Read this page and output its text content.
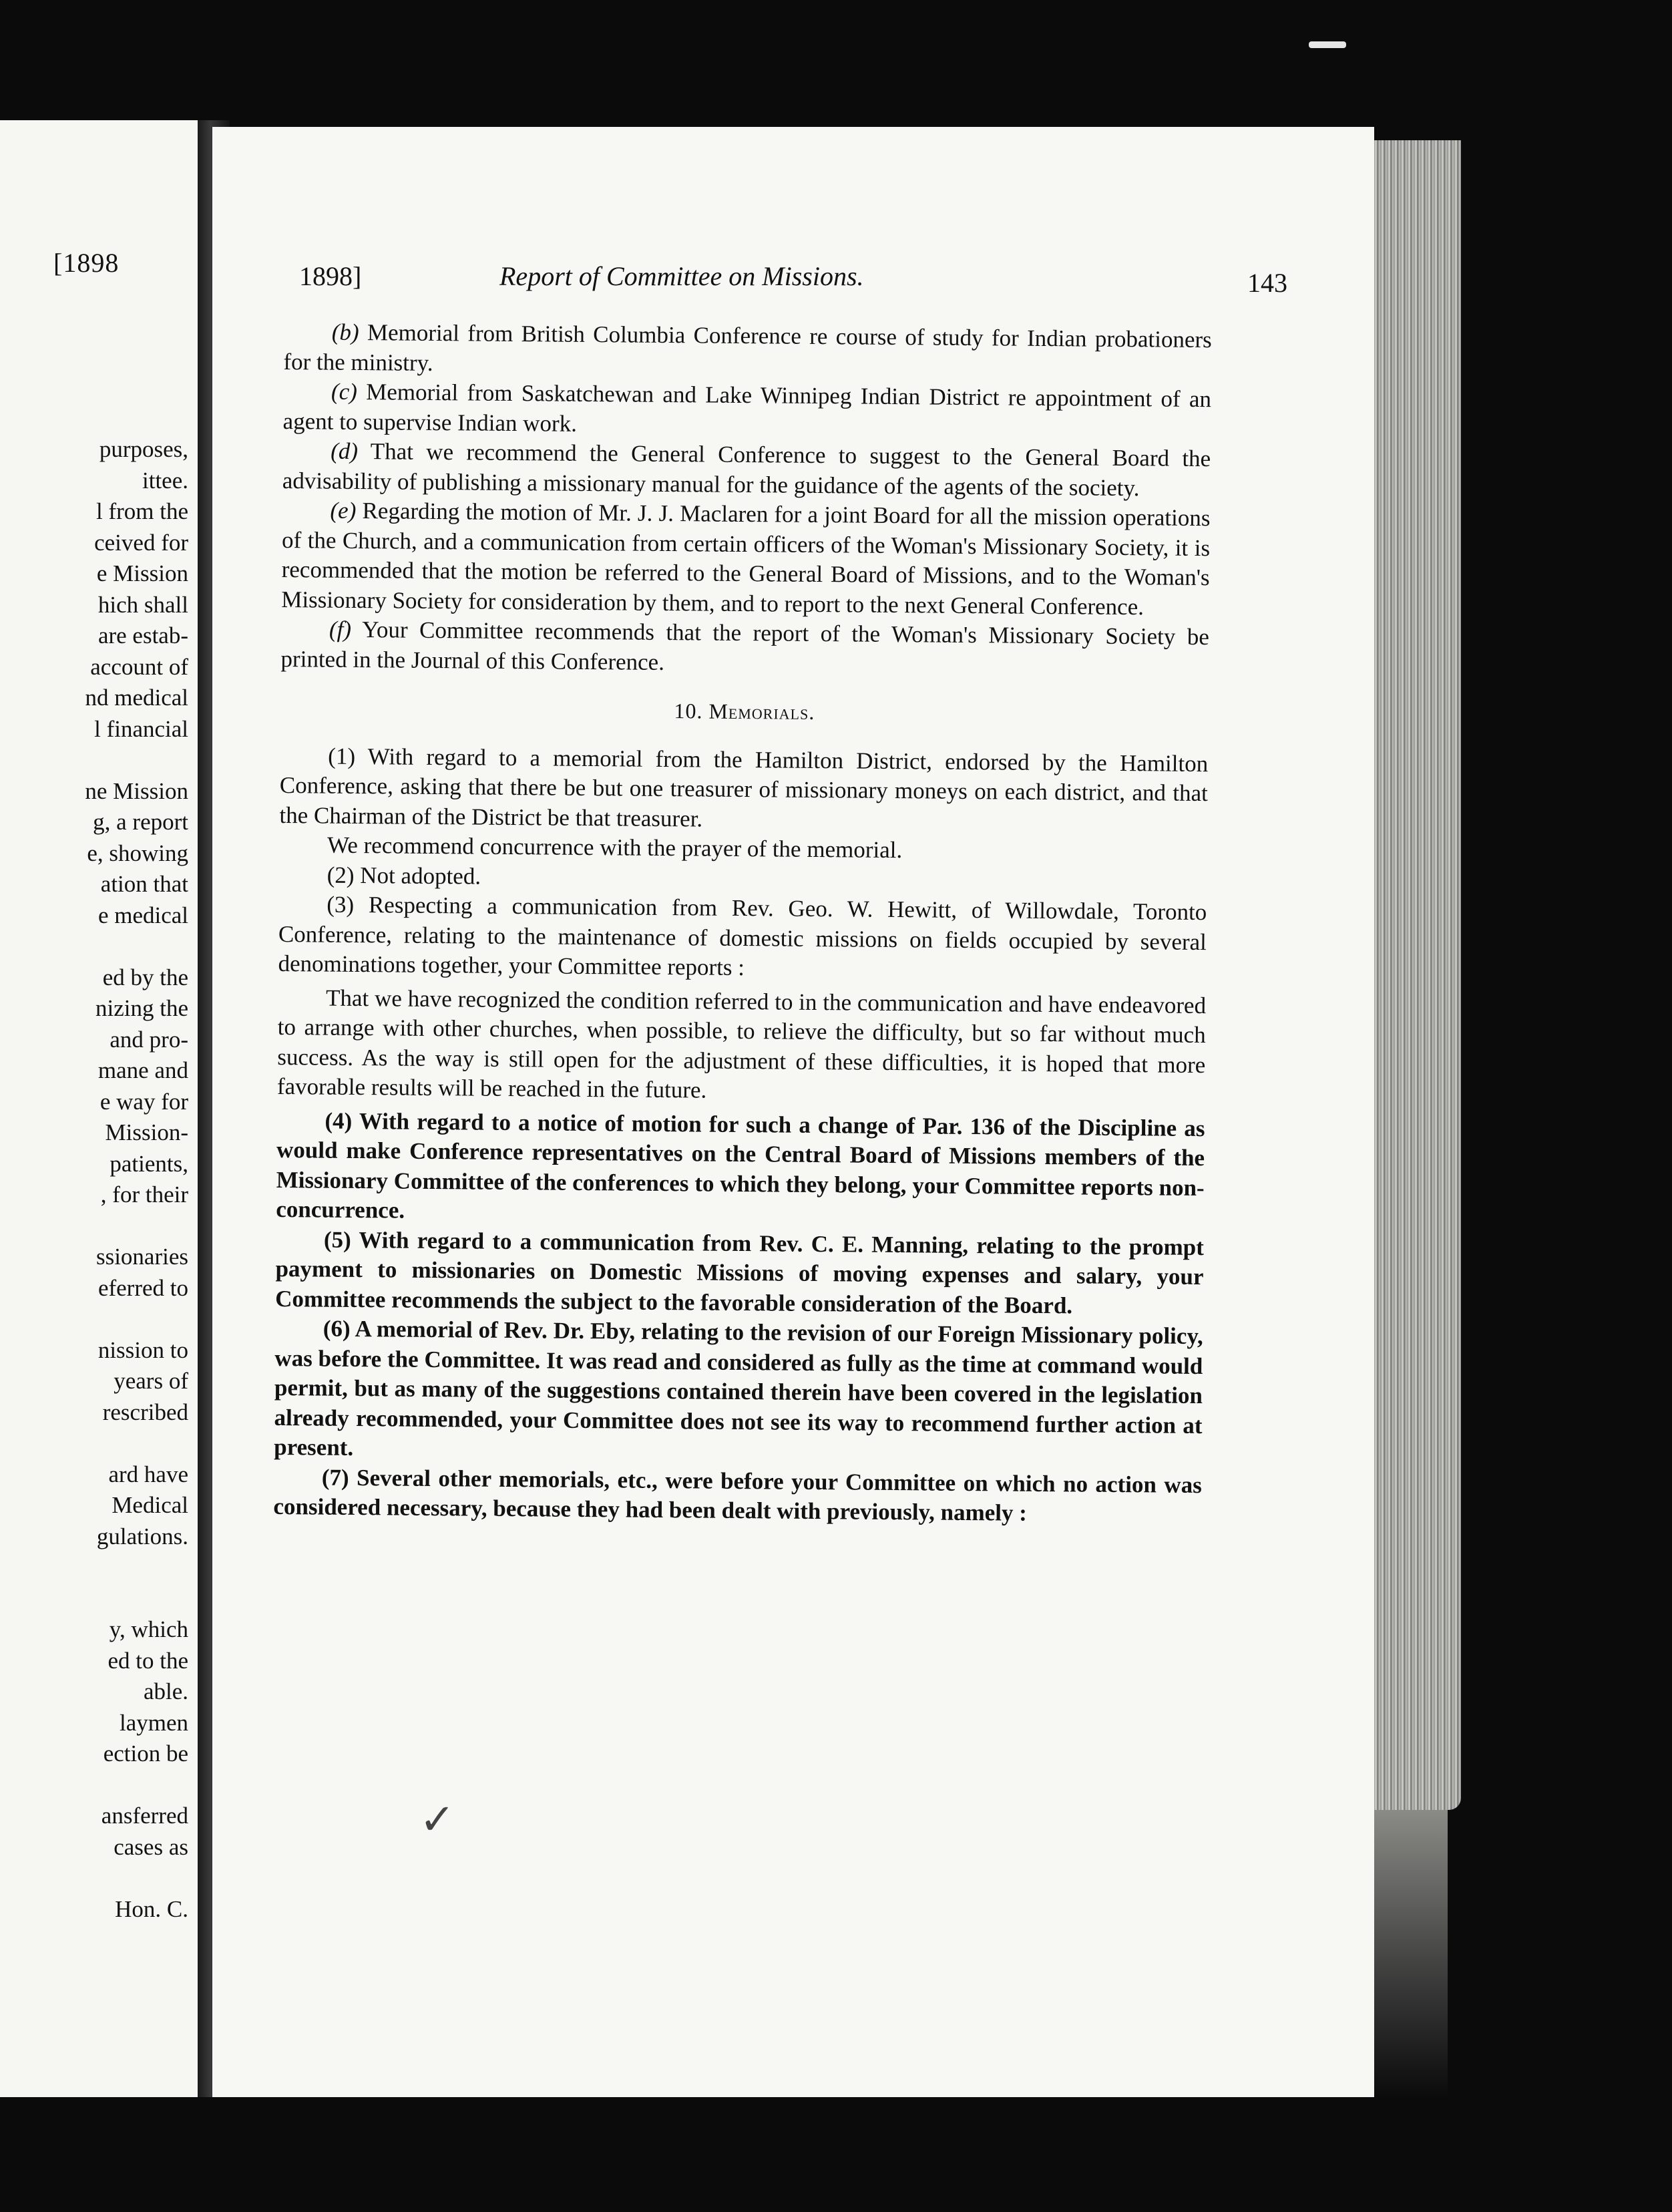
[1898
purposes,
ittee.
l from the
ceived for
e Mission
hich shall
are estab-
account of
nd medical
l financial
ne Mission
g, a report
e, showing
ation that
e medical
ed by the
nizing the
and pro-
mane and
e way for
Mission-
patients,
, for their
ssionaries
eferred to
nission to
years of
rescribed
ard have
Medical
gulations.
y, which
ed to the
able.
laymen
ection be
ansferred
cases as
Hon. C.
1898]	Report of Committee on Missions.	143

(b) Memorial from British Columbia Conference re course of study for Indian probationers for the ministry.

(c) Memorial from Saskatchewan and Lake Winnipeg Indian District re appointment of an agent to supervise Indian work.

(d) That we recommend the General Conference to suggest to the General Board the advisability of publishing a missionary manual for the guidance of the agents of the society.

(e) Regarding the motion of Mr. J. J. Maclaren for a joint Board for all the mission operations of the Church, and a communication from certain officers of the Woman's Missionary Society, it is recommended that the motion be referred to the General Board of Missions, and to the Woman's Missionary Society for consideration by them, and to report to the next General Conference.

(f) Your Committee recommends that the report of the Woman's Missionary Society be printed in the Journal of this Conference.

10. Memorials.

(1) With regard to a memorial from the Hamilton District, endorsed by the Hamilton Conference, asking that there be but one treasurer of missionary moneys on each district, and that the Chairman of the District be that treasurer.

We recommend concurrence with the prayer of the memorial.

(2) Not adopted.

(3) Respecting a communication from Rev. Geo. W. Hewitt, of Willowdale, Toronto Conference, relating to the maintenance of domestic missions on fields occupied by several denominations together, your Committee reports :

That we have recognized the condition referred to in the communication and have endeavored to arrange with other churches, when possible, to relieve the difficulty, but so far without much success. As the way is still open for the adjustment of these difficulties, it is hoped that more favorable results will be reached in the future.

(4) With regard to a notice of motion for such a change of Par. 136 of the Discipline as would make Conference representatives on the Central Board of Missions members of the Missionary Committee of the conferences to which they belong, your Committee reports non-concurrence.

(5) With regard to a communication from Rev. C. E. Manning, relating to the prompt payment to missionaries on Domestic Missions of moving expenses and salary, your Committee recommends the subject to the favorable consideration of the Board.

(6) A memorial of Rev. Dr. Eby, relating to the revision of our Foreign Missionary policy, was before the Committee. It was read and considered as fully as the time at command would permit, but as many of the suggestions contained therein have been covered in the legislation already recommended, your Committee does not see its way to recommend further action at present.

(7) Several other memorials, etc., were before your Committee on which no action was considered necessary, because they had been dealt with previously, namely :

✓
